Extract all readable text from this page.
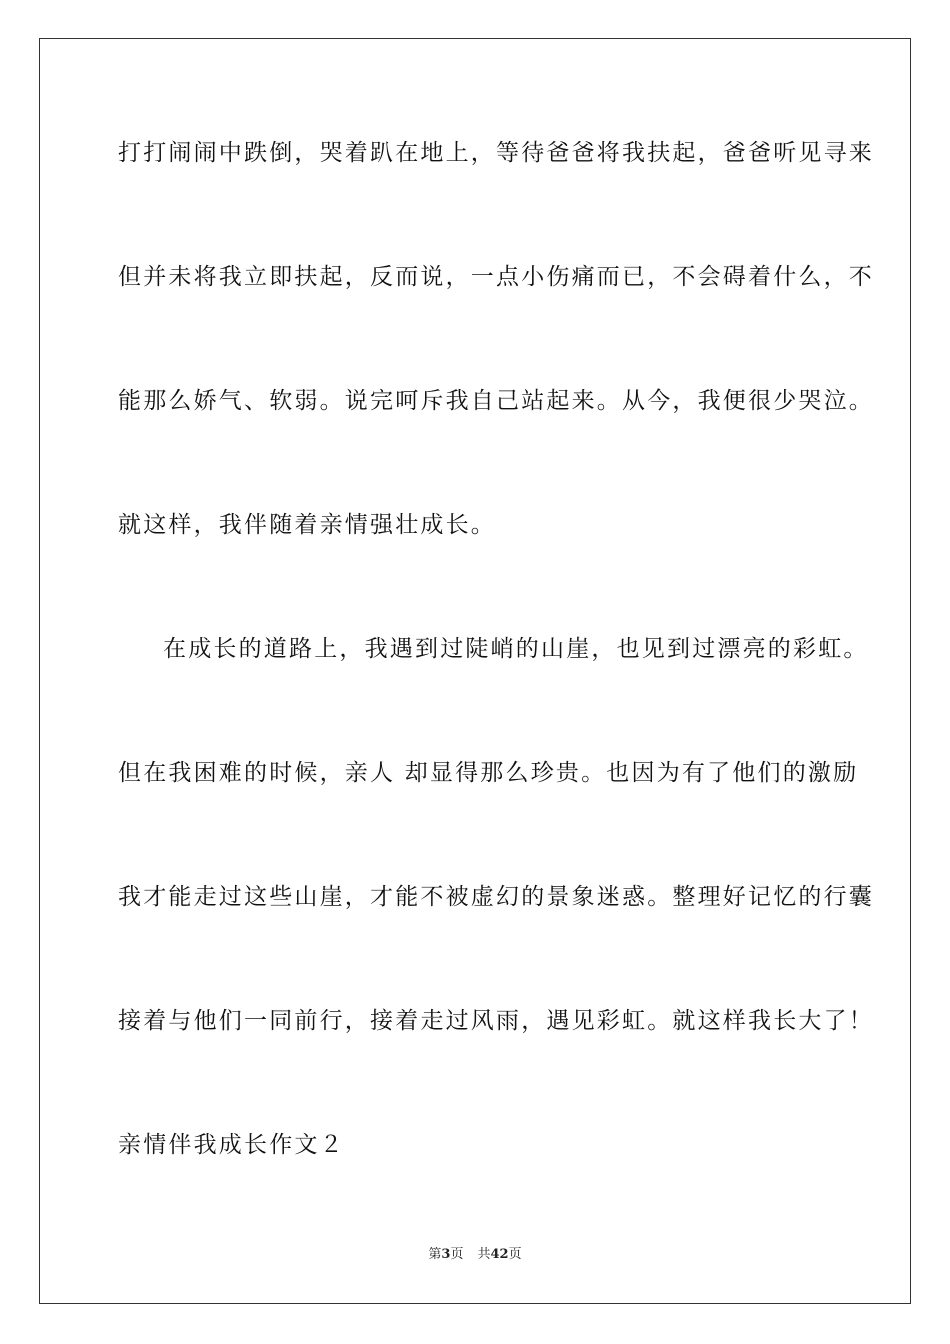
打打闹闹中跌倒，哭着趴在地上，等待爸爸将我扶起，爸爸听见寻来
但并未将我立即扶起，反而说，一点小伤痛而已，不会碍着什么，不
能那么娇气、软弱。说完呵斥我自己站起来。从今，我便很少哭泣。
就这样，我伴随着亲情强壮成长。
在成长的道路上，我遇到过陡峭的山崖，也见到过漂亮的彩虹。
但在我困难的时候，亲人 却显得那么珍贵。也因为有了他们的激励
我才能走过这些山崖，才能不被虚幻的景象迷惑。整理好记忆的行囊
接着与他们一同前行，接着走过风雨，遇见彩虹。就这样我长大了！
亲情伴我成长作文２
第3页 共42页
